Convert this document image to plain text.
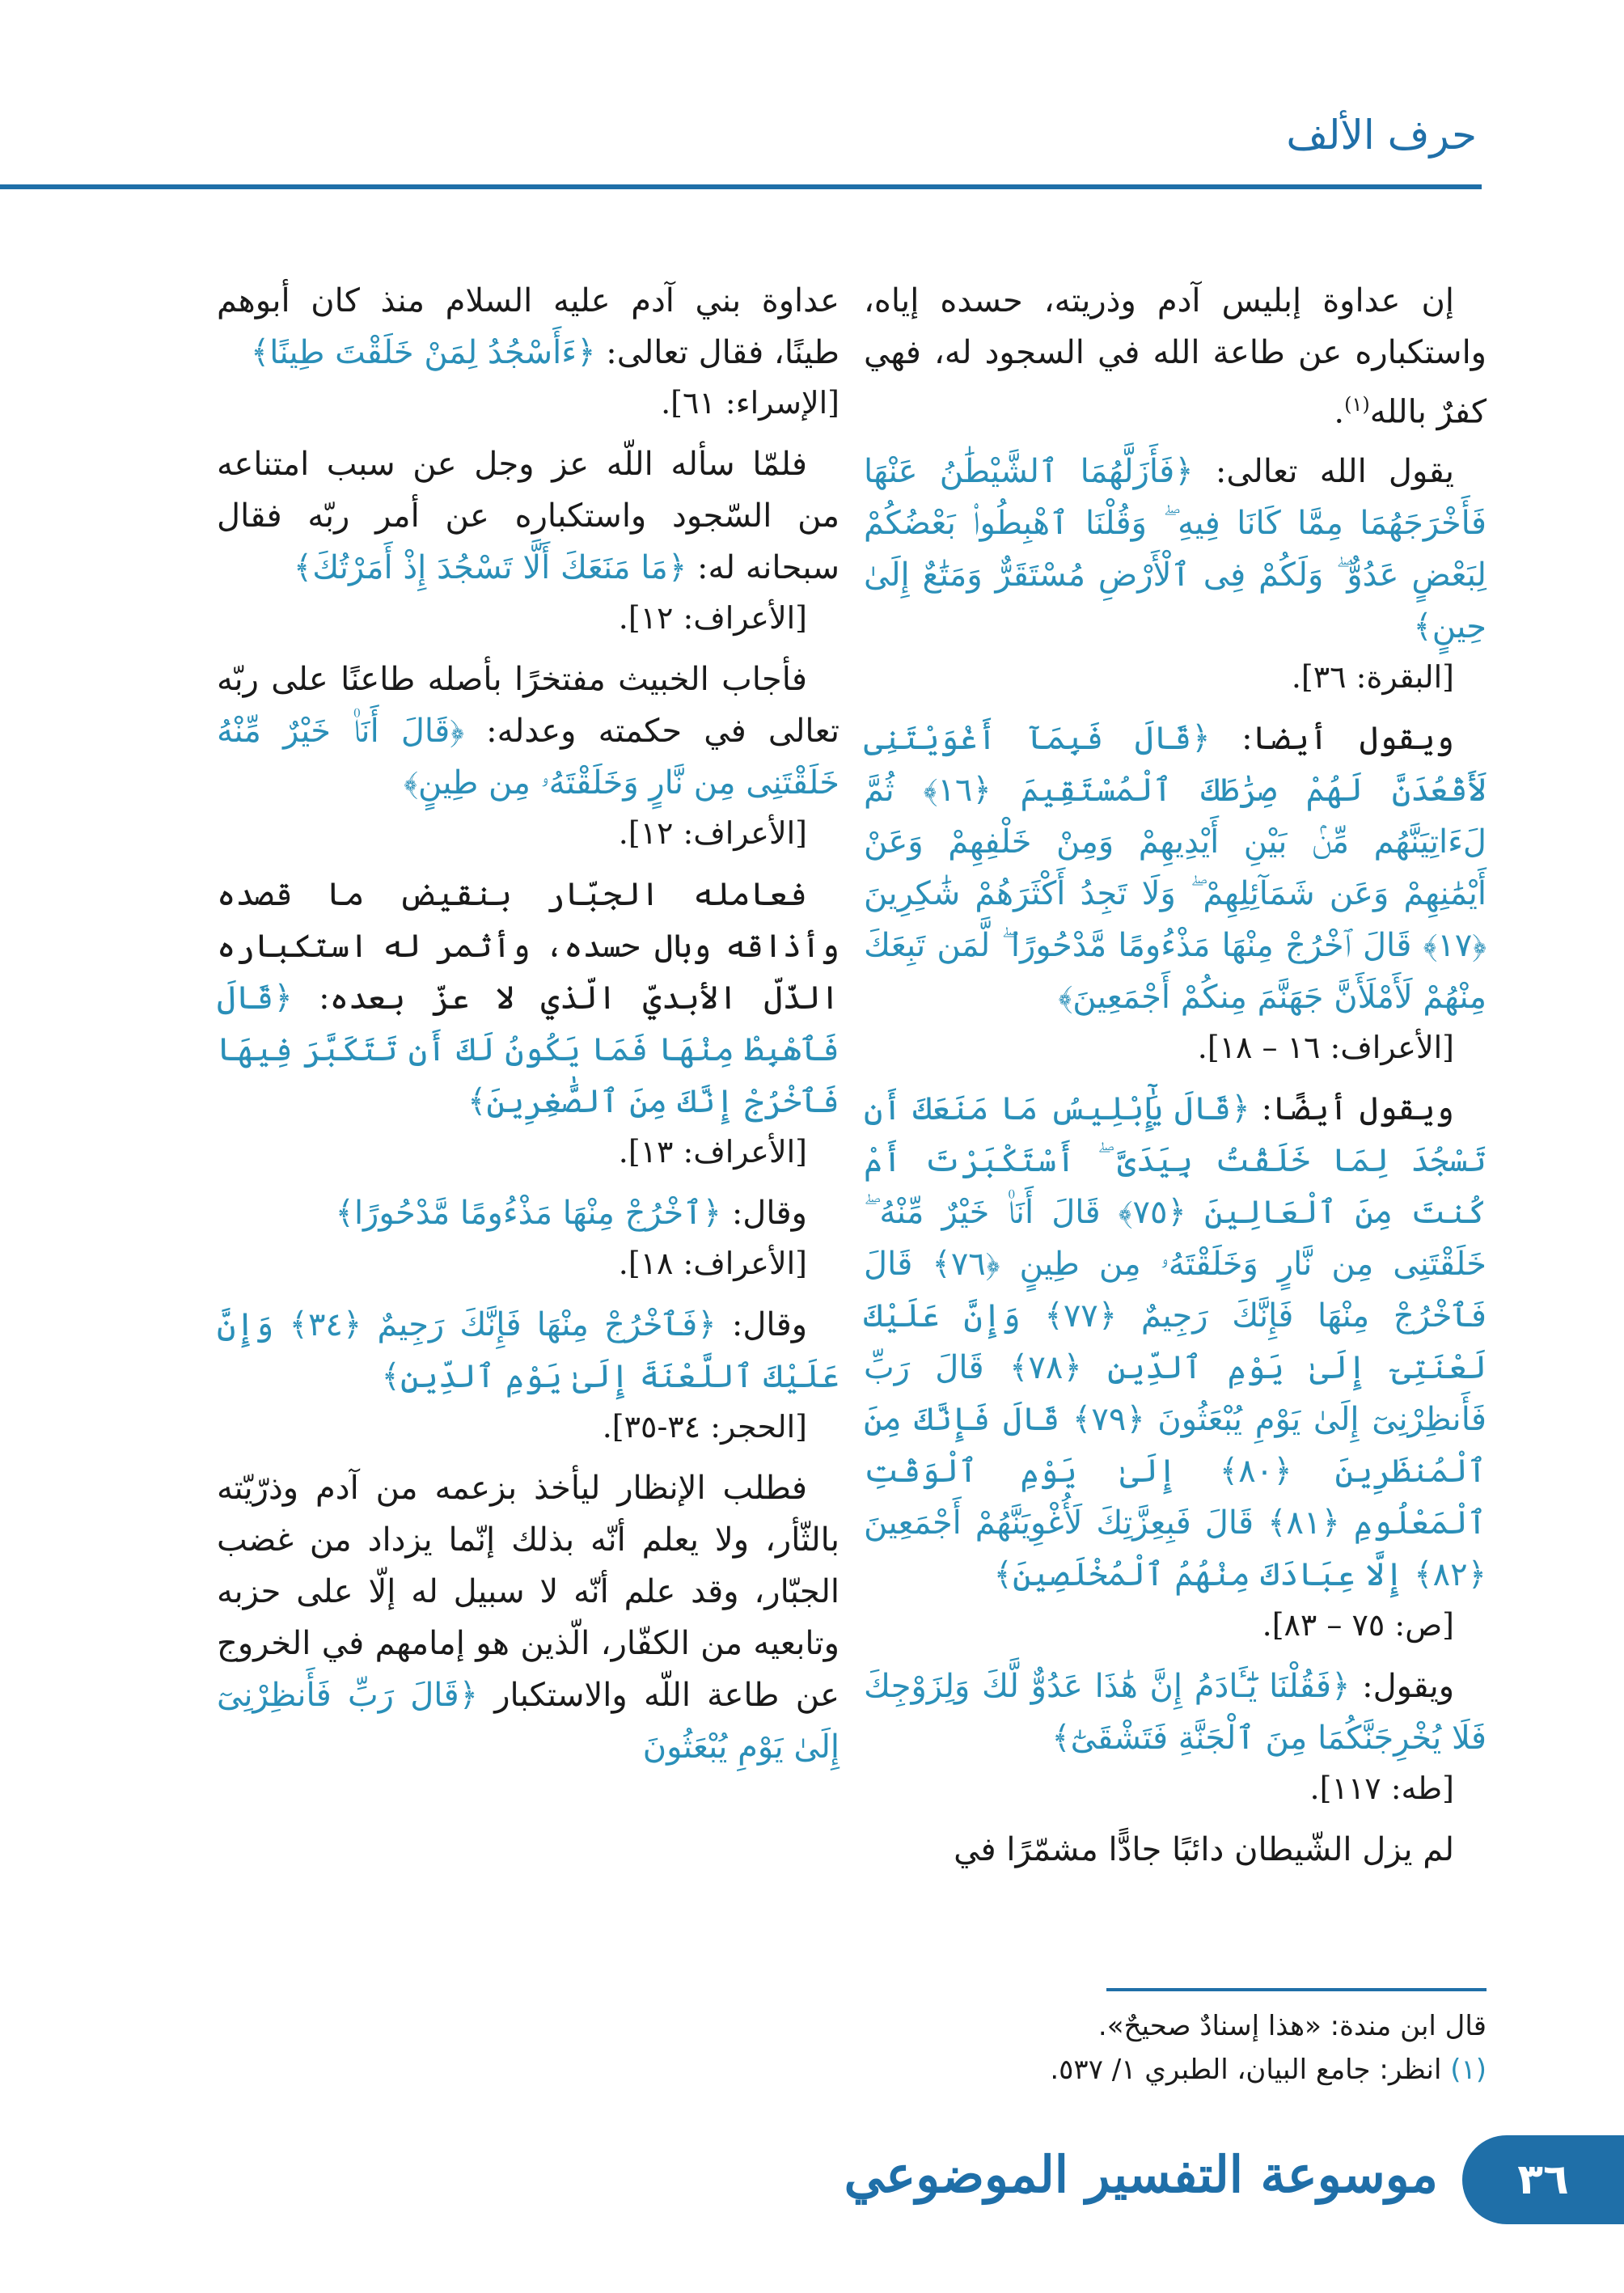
حرف الألف

إن عداوة إبليس آدم وذريته، حسده إياه، واستكباره عن طاعة الله في السجود له، فهي كفرٌ بالله$^{(١)}$.

يقول الله تعالى: ﴿فَأَزَلَّهُمَا ٱلشَّيْطَٰنُ عَنْهَا فَأَخْرَجَهُمَا مِمَّا كَانَا فِيهِ ۖ وَقُلْنَا ٱهْبِطُوا۟ بَعْضُكُمْ لِبَعْضٍ عَدُوٌّ ۖ وَلَكُمْ فِى ٱلْأَرْضِ مُسْتَقَرٌّ وَمَتَٰعٌ إِلَىٰ حِينٍ﴾
[البقرة: ٣٦].

ويقول أيضا: ﴿قَالَ فَبِمَآ أَغْوَيْتَنِى لَأَقْعُدَنَّ لَهُمْ صِرَٰطَكَ ٱلْمُسْتَقِيمَ ﴿١٦﴾ ثُمَّ لَءَاتِيَنَّهُم مِّنۢ بَيْنِ أَيْدِيهِمْ وَمِنْ خَلْفِهِمْ وَعَنْ أَيْمَٰنِهِمْ وَعَن شَمَآئِلِهِمْ ۖ وَلَا تَجِدُ أَكْثَرَهُمْ شَٰكِرِينَ ﴿١٧﴾ قَالَ ٱخْرُجْ مِنْهَا مَذْءُومًا مَّدْحُورًا ۖ لَّمَن تَبِعَكَ مِنْهُمْ لَأَمْلَأَنَّ جَهَنَّمَ مِنكُمْ أَجْمَعِينَ﴾
[الأعراف: ١٦ – ١٨].

ويقول أيضًا: ﴿قَالَ يَٰٓإِبْلِيسُ مَا مَنَعَكَ أَن تَسْجُدَ لِمَا خَلَقْتُ بِيَدَىَّ ۖ أَسْتَكْبَرْتَ أَمْ كُنتَ مِنَ ٱلْعَالِينَ ﴿٧٥﴾ قَالَ أَنَا۠ خَيْرٌ مِّنْهُ ۖ خَلَقْتَنِى مِن نَّارٍ وَخَلَقْتَهُۥ مِن طِينٍ ﴿٧٦﴾ قَالَ فَٱخْرُجْ مِنْهَا فَإِنَّكَ رَجِيمٌ ﴿٧٧﴾ وَإِنَّ عَلَيْكَ لَعْنَتِىٓ إِلَىٰ يَوْمِ ٱلدِّينِ ﴿٧٨﴾ قَالَ رَبِّ فَأَنظِرْنِىٓ إِلَىٰ يَوْمِ يُبْعَثُونَ ﴿٧٩﴾ قَالَ فَإِنَّكَ مِنَ ٱلْمُنظَرِينَ ﴿٨٠﴾ إِلَىٰ يَوْمِ ٱلْوَقْتِ ٱلْمَعْلُومِ ﴿٨١﴾ قَالَ فَبِعِزَّتِكَ لَأُغْوِيَنَّهُمْ أَجْمَعِينَ ﴿٨٢﴾ إِلَّا عِبَادَكَ مِنْهُمُ ٱلْمُخْلَصِينَ﴾
[ص: ٧٥ – ٨٣].

ويقول: ﴿فَقُلْنَا يَٰٓـَٔادَمُ إِنَّ هَٰذَا عَدُوٌّ لَّكَ وَلِزَوْجِكَ فَلَا يُخْرِجَنَّكُمَا مِنَ ٱلْجَنَّةِ فَتَشْقَىٰٓ﴾
[طه: ١١٧].

لم يزل الشّيطان دائبًا جادًّا مشمّرًا في

عداوة بني آدم عليه السلام منذ كان أبوهم طينًا، فقال تعالى: ﴿ءَأَسْجُدُ لِمَنْ خَلَقْتَ طِينًا﴾
[الإسراء: ٦١].

فلمّا سأله اللّه عز وجل عن سبب امتناعه من السّجود واستكباره عن أمر ربّه فقال سبحانه له: ﴿مَا مَنَعَكَ أَلَّا تَسْجُدَ إِذْ أَمَرْتُكَ﴾
[الأعراف: ١٢].

فأجاب الخبيث مفتخرًا بأصله طاعنًا على ربّه تعالى في حكمته وعدله: ﴿قَالَ أَنَا۠ خَيْرٌ مِّنْهُ خَلَقْتَنِى مِن نَّارٍ وَخَلَقْتَهُۥ مِن طِينٍ﴾
[الأعراف: ١٢].

فعامله الجبّار بنقيض ما قصده وأذاقه وبال حسده، وأثمر له استكباره الذّلّ الأبديّ الّذي لا عزّ بعده: ﴿قَالَ فَٱهْبِطْ مِنْهَا فَمَا يَكُونُ لَكَ أَن تَتَكَبَّرَ فِيهَا فَٱخْرُجْ إِنَّكَ مِنَ ٱلصَّٰغِرِينَ﴾
[الأعراف: ١٣].

وقال: ﴿ٱخْرُجْ مِنْهَا مَذْءُومًا مَّدْحُورًا﴾
[الأعراف: ١٨].

وقال: ﴿فَٱخْرُجْ مِنْهَا فَإِنَّكَ رَجِيمٌ ﴿٣٤﴾ وَإِنَّ عَلَيْكَ ٱللَّعْنَةَ إِلَىٰ يَوْمِ ٱلدِّينِ﴾
[الحجر: ٣٤-٣٥].

فطلب الإنظار ليأخذ بزعمه من آدم وذرّيّته بالثّأر، ولا يعلم أنّه بذلك إنّما يزداد من غضب الجبّار، وقد علم أنّه لا سبيل له إلّا على حزبه وتابعيه من الكفّار، الّذين هو إمامهم في الخروج عن طاعة اللّه والاستكبار ﴿قَالَ رَبِّ فَأَنظِرْنِىٓ إِلَىٰ يَوْمِ يُبْعَثُونَ

قال ابن مندة: «هذا إسنادٌ صحيحٌ».
(١) انظر: جامع البيان، الطبري ١/ ٥٣٧.
٣٦
موسوعة التفسير الموضوعي
